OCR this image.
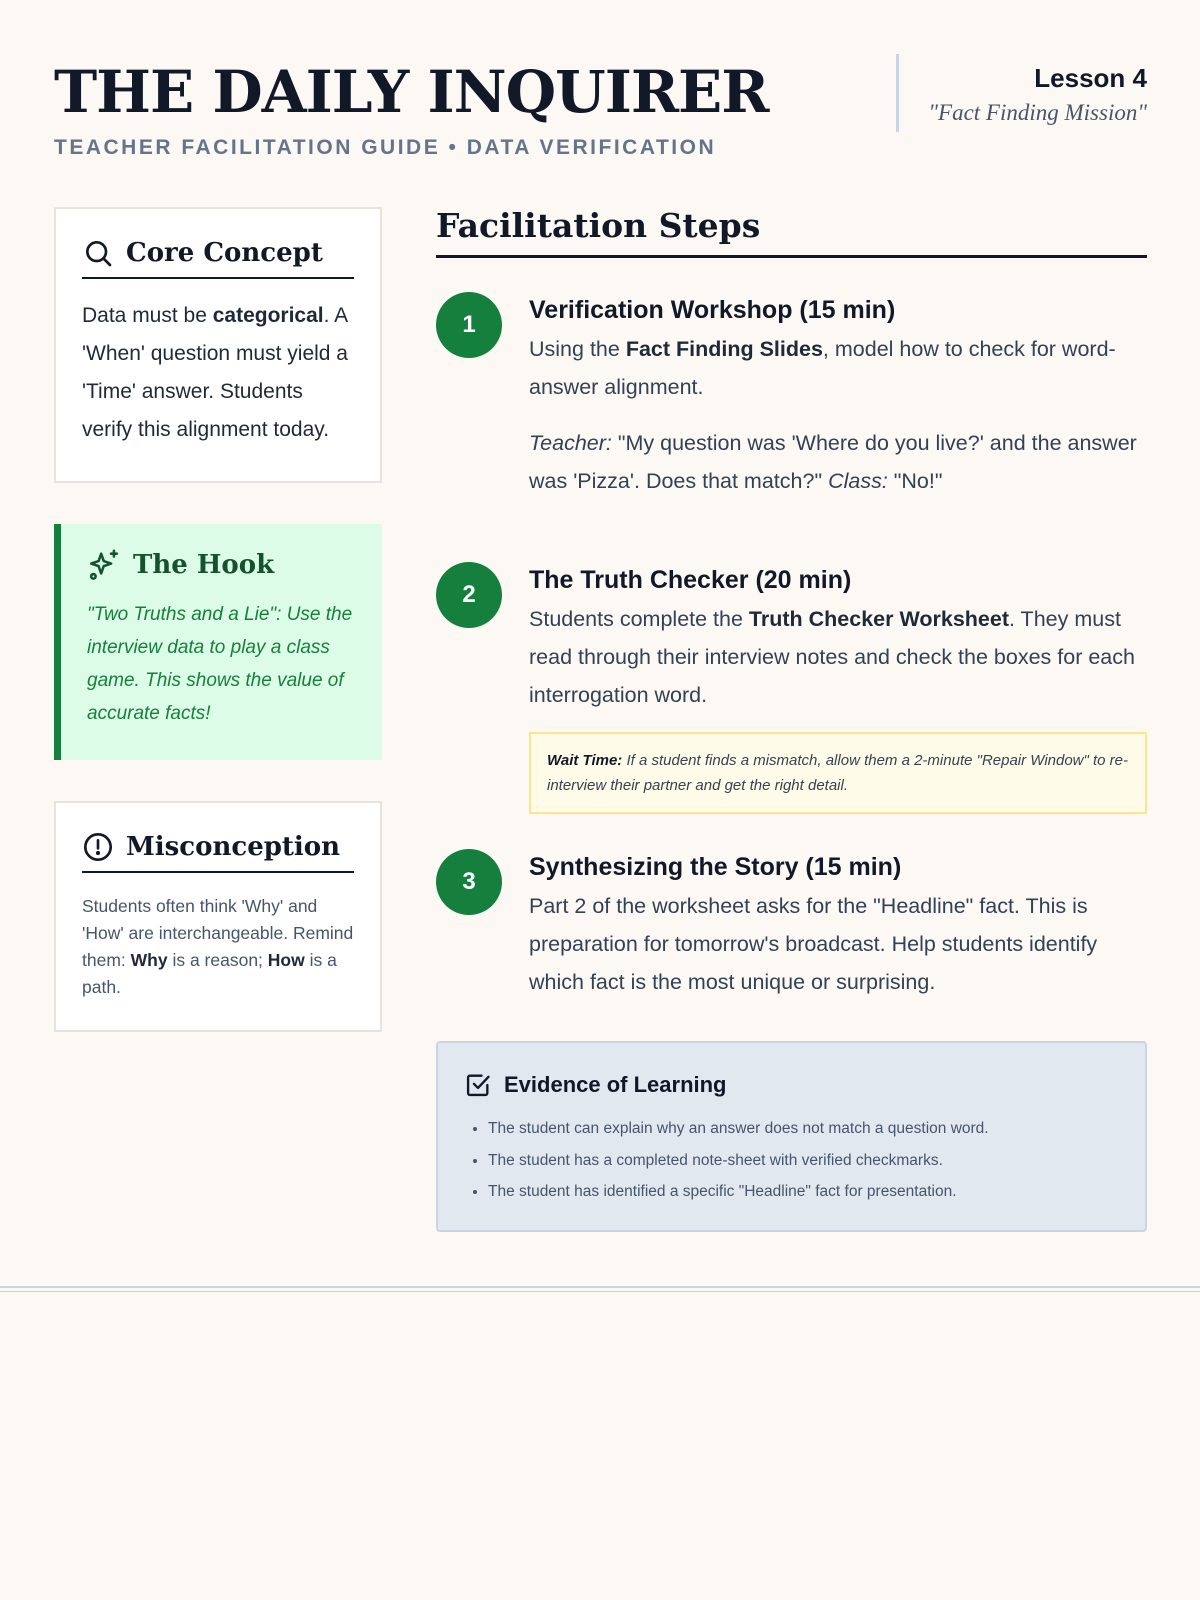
THE DAILY INQUIRER
TEACHER FACILITATION GUIDE • DATA VERIFICATION
Lesson 4
"Fact Finding Mission"
Core Concept
Data must be categorical. A 'When' question must yield a 'Time' answer. Students verify this alignment today.
The Hook
"Two Truths and a Lie": Use the interview data to play a class game. This shows the value of accurate facts!
Misconception
Students often think 'Why' and 'How' are interchangeable. Remind them: Why is a reason; How is a path.
Facilitation Steps
1
Verification Workshop (15 min)
Using the Fact Finding Slides, model how to check for word-answer alignment.
Teacher: "My question was 'Where do you live?' and the answer was 'Pizza'. Does that match?" Class: "No!"
2
The Truth Checker (20 min)
Students complete the Truth Checker Worksheet. They must read through their interview notes and check the boxes for each interrogation word.
Wait Time: If a student finds a mismatch, allow them a 2-minute "Repair Window" to re-interview their partner and get the right detail.
3
Synthesizing the Story (15 min)
Part 2 of the worksheet asks for the "Headline" fact. This is preparation for tomorrow's broadcast. Help students identify which fact is the most unique or surprising.
Evidence of Learning
• The student can explain why an answer does not match a question word.
• The student has a completed note-sheet with verified checkmarks.
• The student has identified a specific "Headline" fact for presentation.
